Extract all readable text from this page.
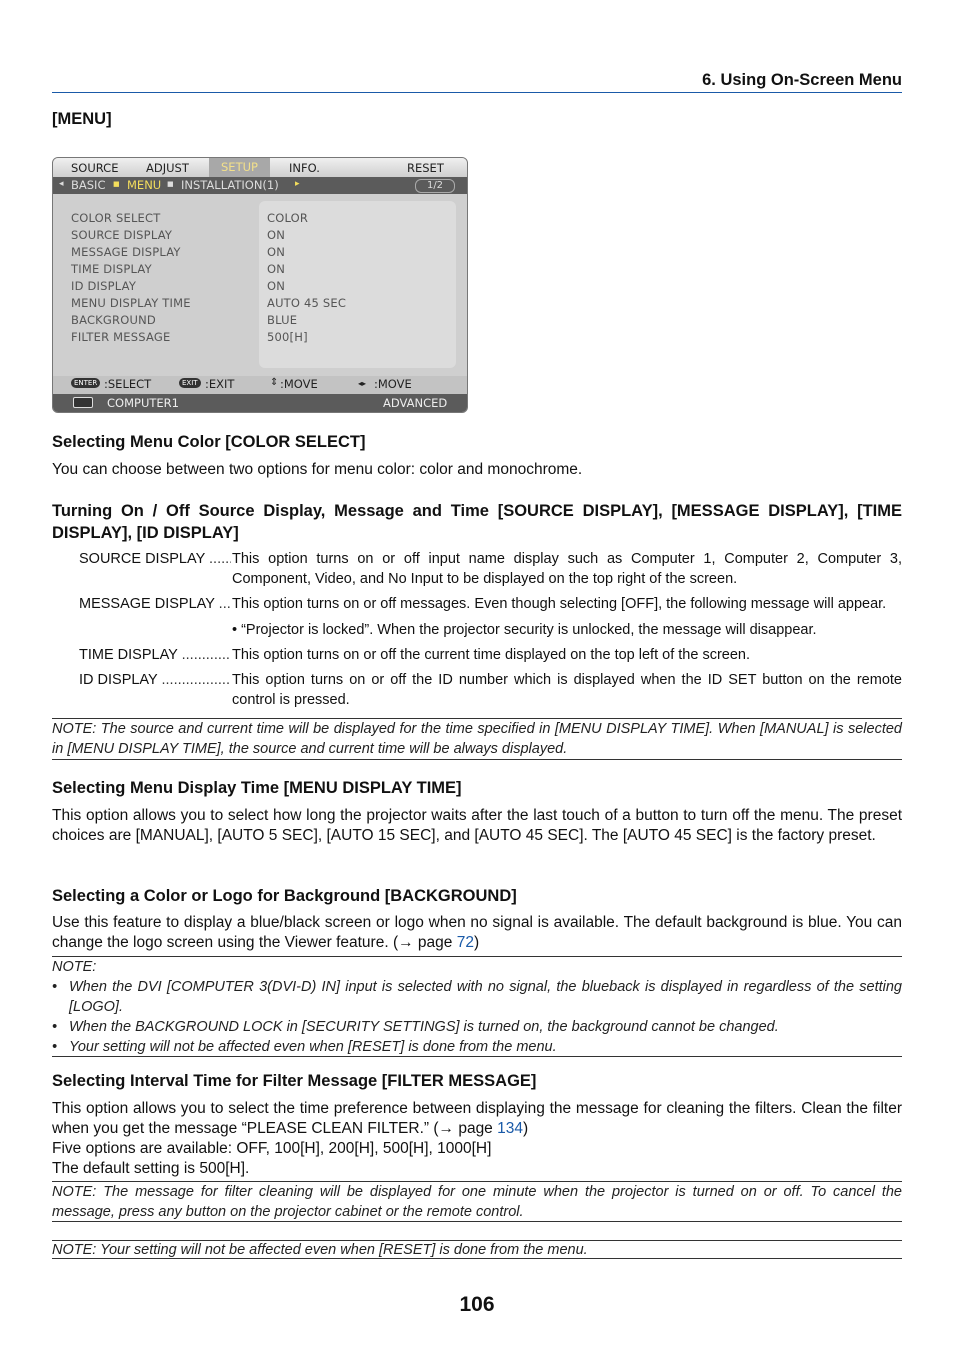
6. Using On-Screen Menu
[MENU]
SOURCE ADJUST	SETUP	INFO.	RESET
◂ BASIC ■ MENU ■ INSTALLATION(1) ▸	1/2
COLOR SELECT	COLOR
SOURCE DISPLAY	ON
MESSAGE DISPLAY	ON
TIME DISPLAY	ON
ID DISPLAY	ON
MENU DISPLAY TIME	AUTO 45 SEC
BACKGROUND	BLUE
FILTER MESSAGE	500[H]
ENTER :SELECT	EXIT :EXIT	⇕ :MOVE	◂▸ :MOVE
COMPUTER1	ADVANCED
Selecting Menu Color [COLOR SELECT]

You can choose between two options for menu color: color and monochrome.

Turning On / Off Source Display, Message and Time [SOURCE DISPLAY], [MESSAGE DISPLAY], [TIME DISPLAY], [ID DISPLAY]
SOURCE DISPLAY .....	This option turns on or off input name display such as Computer 1, Computer 2, Computer 3, Component, Video, and No Input to be displayed on the top right of the screen.
MESSAGE DISPLAY .....	This option turns on or off messages. Even though selecting [OFF], the following message will appear.
• “Projector is locked”. When the projector security is unlocked, the message will disappear.
TIME DISPLAY .....	This option turns on or off the current time displayed on the top left of the screen.
ID DISPLAY .....	This option turns on or off the ID number which is displayed when the ID SET button on the remote control is pressed.
NOTE: The source and current time will be displayed for the time specified in [MENU DISPLAY TIME]. When [MANUAL] is selected in [MENU DISPLAY TIME], the source and current time will be always displayed.
Selecting Menu Display Time [MENU DISPLAY TIME]

This option allows you to select how long the projector waits after the last touch of a button to turn off the menu. The preset choices are [MANUAL], [AUTO 5 SEC], [AUTO 15 SEC], and [AUTO 45 SEC]. The [AUTO 45 SEC] is the factory preset.

Selecting a Color or Logo for Background [BACKGROUND]

Use this feature to display a blue/black screen or logo when no signal is available. The default background is blue. You can change the logo screen using the Viewer feature. (→ page 72)

NOTE:
• When the DVI [COMPUTER 3(DVI-D) IN] input is selected with no signal, the blueback is displayed in regardless of the setting [LOGO].
• When the BACKGROUND LOCK in [SECURITY SETTINGS] is turned on, the background cannot be changed.
• Your setting will not be affected even when [RESET] is done from the menu.
Selecting Interval Time for Filter Message [FILTER MESSAGE]

This option allows you to select the time preference between displaying the message for cleaning the filters. Clean the filter when you get the message “PLEASE CLEAN FILTER.” (→ page 134)

Five options are available: OFF, 100[H], 200[H], 500[H], 1000[H]

The default setting is 500[H].

NOTE: The message for filter cleaning will be displayed for one minute when the projector is turned on or off. To cancel the message, press any button on the projector cabinet or the remote control.
NOTE: Your setting will not be affected even when [RESET] is done from the menu.
106
